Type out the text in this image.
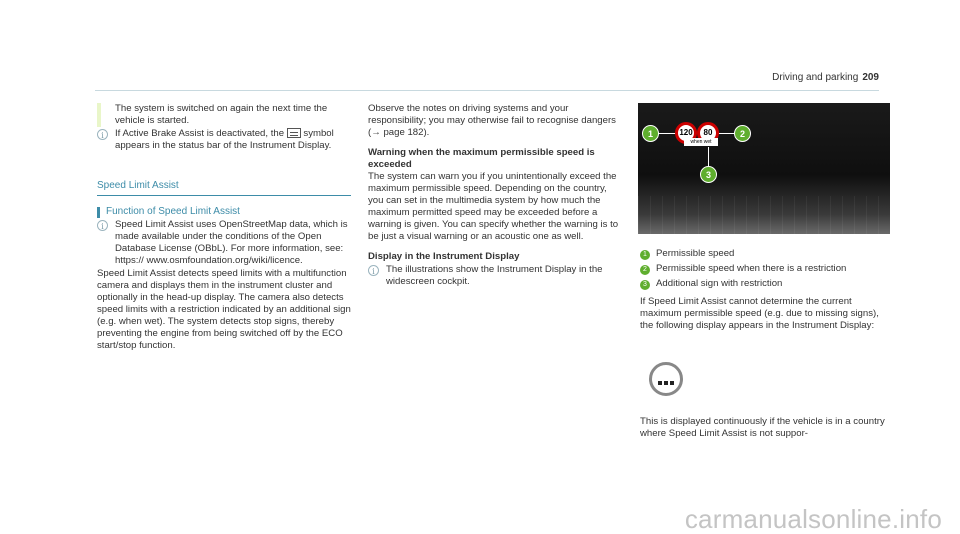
Driving and parking 209

The system is switched on again the next time the vehicle is started.

i	If Active Brake Assist is deactivated, the symbol appears in the status bar of the Instrument Display.

Speed Limit Assist
Function of Speed Limit Assist
i	Speed Limit Assist uses OpenStreetMap data, which is made available under the conditions of the Open Database License (OBbL). For more information, see: https:// www.osmfoundation.org/wiki/licence.

Speed Limit Assist detects speed limits with a multifunction camera and displays them in the instrument cluster and optionally in the head-up display. The camera also detects speed limits with a restriction indicated by an additional sign (e.g. when wet). The system detects stop signs, thereby preventing the engine from being switched off by the ECO start/stop function.

Observe the notes on driving systems and your responsibility; you may otherwise fail to recognise dangers (→ page 182).

Warning when the maximum permissible speed is exceeded

The system can warn you if you unintentionally exceed the maximum permissible speed. Depending on the country, you can set in the multimedia system by how much the maximum permitted speed may be exceeded before a warning is given. You can specify whether the warning is to be just a visual warning or an acoustic one as well.

Display in the Instrument Display

i	The illustrations show the Instrument Display in the widescreen cockpit.

120	80
when wet
1	2
3

1 Permissible speed

2 Permissible speed when there is a restriction

3 Additional sign with restriction

If Speed Limit Assist cannot determine the current maximum permissible speed (e.g. due to missing signs), the following display appears in the Instrument Display:

This is displayed continuously if the vehicle is in a country where Speed Limit Assist is not suppor-

carmanualsonline.info
